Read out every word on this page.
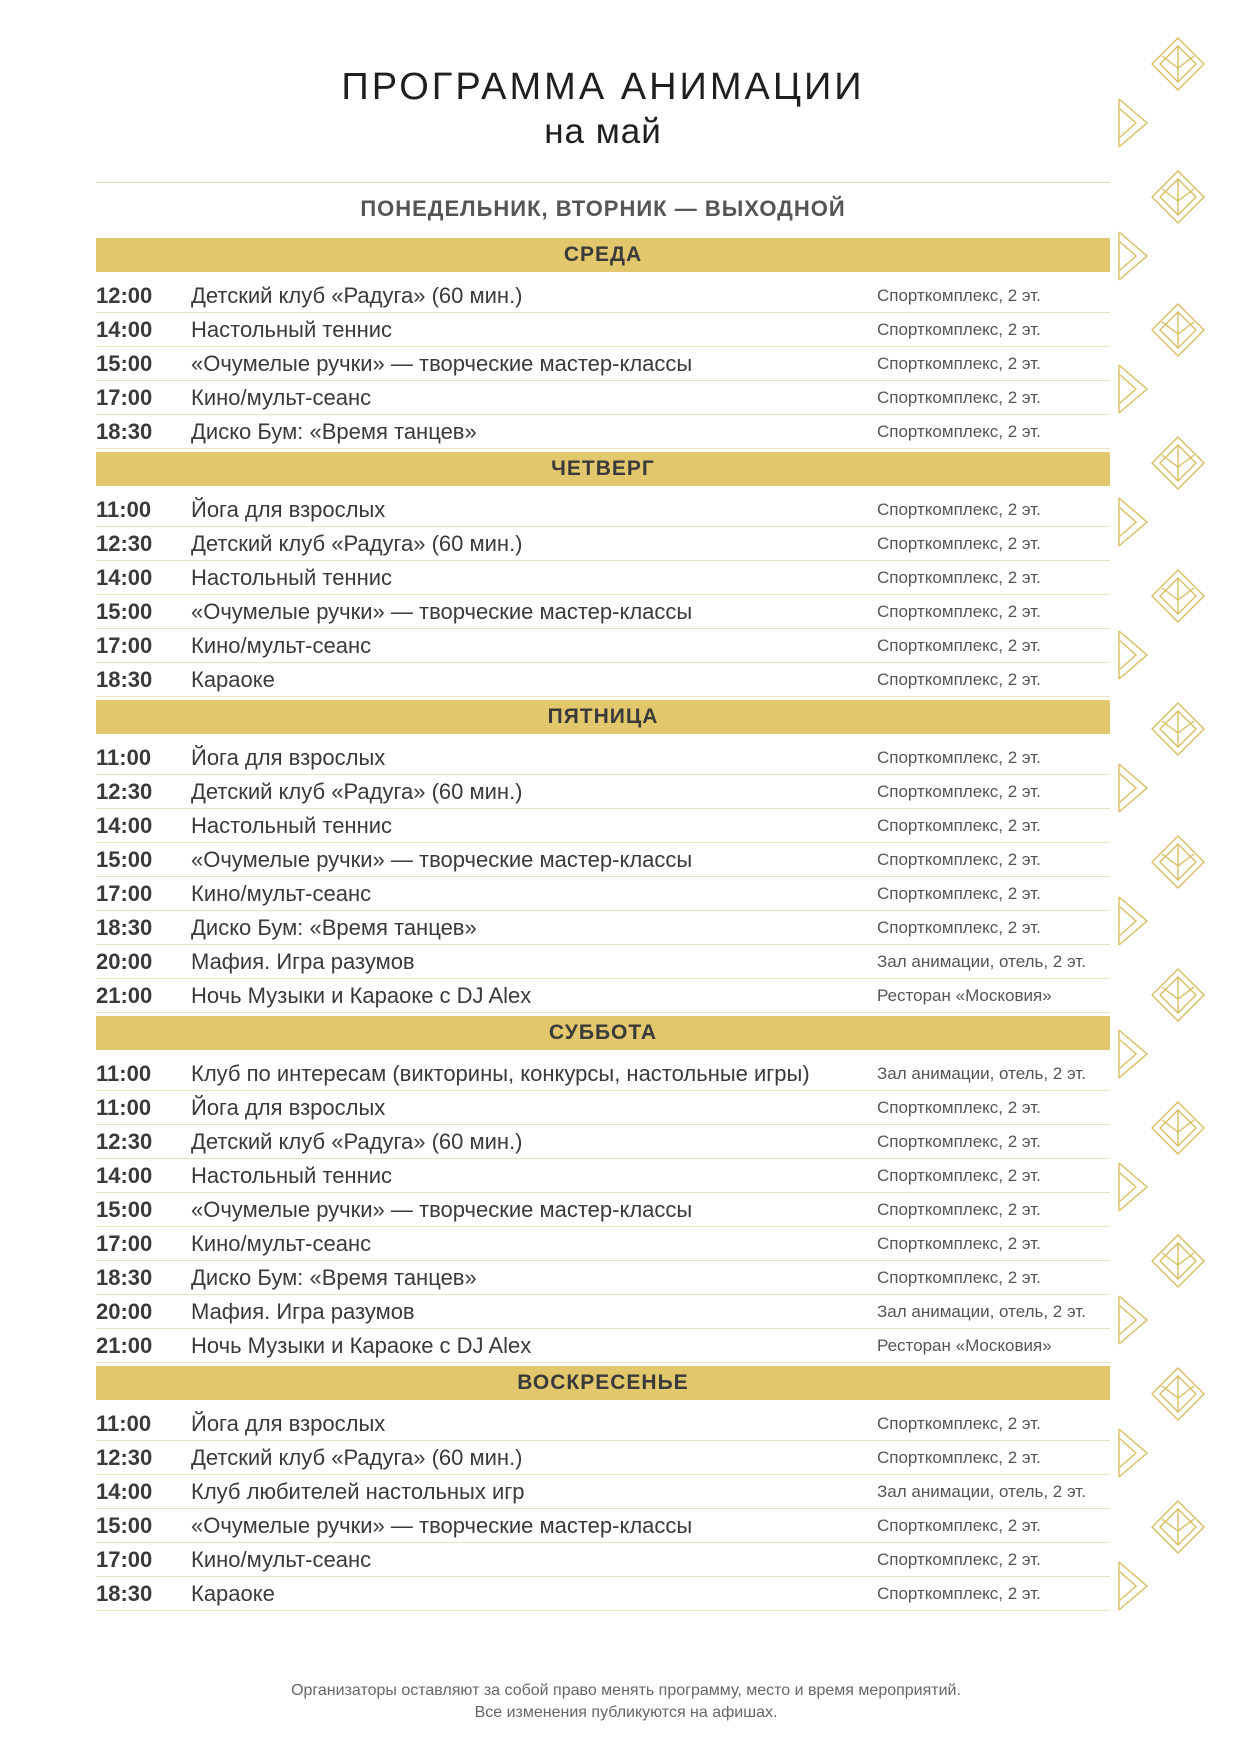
ПРОГРАММА АНИМАЦИИ
на май
ПОНЕДЕЛЬНИК, ВТОРНИК — ВЫХОДНОЙ
СРЕДА
12:00	Детский клуб «Радуга» (60 мин.)	Спорткомплекс, 2 эт.
14:00	Настольный теннис	Спорткомплекс, 2 эт.
15:00	«Очумелые ручки» — творческие мастер-классы	Спорткомплекс, 2 эт.
17:00	Кино/мульт-сеанс	Спорткомплекс, 2 эт.
18:30	Диско Бум: «Время танцев»	Спорткомплекс, 2 эт.
ЧЕТВЕРГ
11:00	Йога для взрослых	Спорткомплекс, 2 эт.
12:30	Детский клуб «Радуга» (60 мин.)	Спорткомплекс, 2 эт.
14:00	Настольный теннис	Спорткомплекс, 2 эт.
15:00	«Очумелые ручки» — творческие мастер-классы	Спорткомплекс, 2 эт.
17:00	Кино/мульт-сеанс	Спорткомплекс, 2 эт.
18:30	Караоке	Спорткомплекс, 2 эт.
ПЯТНИЦА
11:00	Йога для взрослых	Спорткомплекс, 2 эт.
12:30	Детский клуб «Радуга» (60 мин.)	Спорткомплекс, 2 эт.
14:00	Настольный теннис	Спорткомплекс, 2 эт.
15:00	«Очумелые ручки» — творческие мастер-классы	Спорткомплекс, 2 эт.
17:00	Кино/мульт-сеанс	Спорткомплекс, 2 эт.
18:30	Диско Бум: «Время танцев»	Спорткомплекс, 2 эт.
20:00	Мафия. Игра разумов	Зал анимации, отель, 2 эт.
21:00	Ночь Музыки и Караоке с DJ Alex	Ресторан «Московия»
СУББОТА
11:00	Клуб по интересам (викторины, конкурсы, настольные игры)	Зал анимации, отель, 2 эт.
11:00	Йога для взрослых	Спорткомплекс, 2 эт.
12:30	Детский клуб «Радуга» (60 мин.)	Спорткомплекс, 2 эт.
14:00	Настольный теннис	Спорткомплекс, 2 эт.
15:00	«Очумелые ручки» — творческие мастер-классы	Спорткомплекс, 2 эт.
17:00	Кино/мульт-сеанс	Спорткомплекс, 2 эт.
18:30	Диско Бум: «Время танцев»	Спорткомплекс, 2 эт.
20:00	Мафия. Игра разумов	Зал анимации, отель, 2 эт.
21:00	Ночь Музыки и Караоке с DJ Alex	Ресторан «Московия»
ВОСКРЕСЕНЬЕ
11:00	Йога для взрослых	Спорткомплекс, 2 эт.
12:30	Детский клуб «Радуга» (60 мин.)	Спорткомплекс, 2 эт.
14:00	Клуб любителей настольных игр	Зал анимации, отель, 2 эт.
15:00	«Очумелые ручки» — творческие мастер-классы	Спорткомплекс, 2 эт.
17:00	Кино/мульт-сеанс	Спорткомплекс, 2 эт.
18:30	Караоке	Спорткомплекс, 2 эт.
Организаторы оставляют за собой право менять программу, место и время мероприятий.
Все изменения публикуются на афишах.
